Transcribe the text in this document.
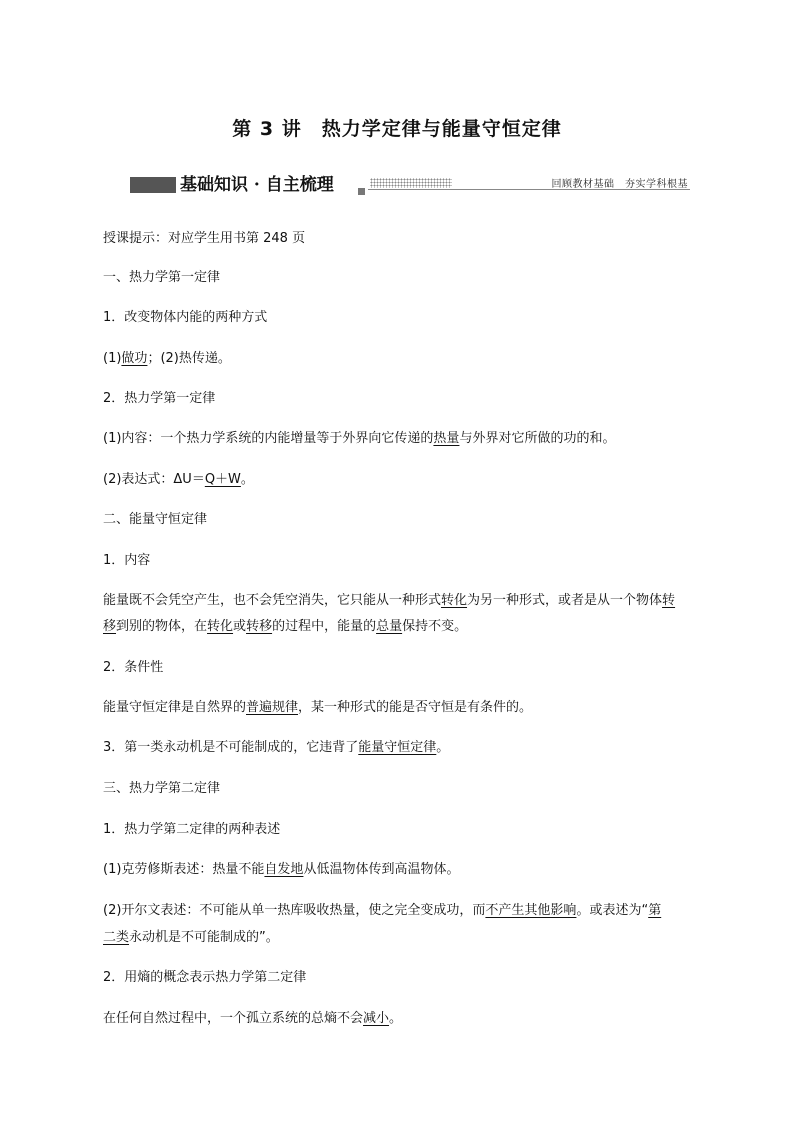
第 3 讲　热力学定律与能量守恒定律
基础知识 · 自主梳理	回顾教材基础　夯实学科根基
授课提示：对应学生用书第 248 页
一、热力学第一定律
1．改变物体内能的两种方式
(1)做功；(2)热传递。
2．热力学第一定律
(1)内容：一个热力学系统的内能增量等于外界向它传递的热量与外界对它所做的功的和。
(2)表达式：ΔU＝Q＋W。
二、能量守恒定律
1．内容
能量既不会凭空产生，也不会凭空消失，它只能从一种形式转化为另一种形式，或者是从一个物体转
移到别的物体，在转化或转移的过程中，能量的总量保持不变。
2．条件性
能量守恒定律是自然界的普遍规律，某一种形式的能是否守恒是有条件的。
3．第一类永动机是不可能制成的，它违背了能量守恒定律。
三、热力学第二定律
1．热力学第二定律的两种表述
(1)克劳修斯表述：热量不能自发地从低温物体传到高温物体。
(2)开尔文表述：不可能从单一热库吸收热量，使之完全变成功，而不产生其他影响。或表述为“第
二类永动机是不可能制成的”。
2．用熵的概念表示热力学第二定律
在任何自然过程中，一个孤立系统的总熵不会减小。
